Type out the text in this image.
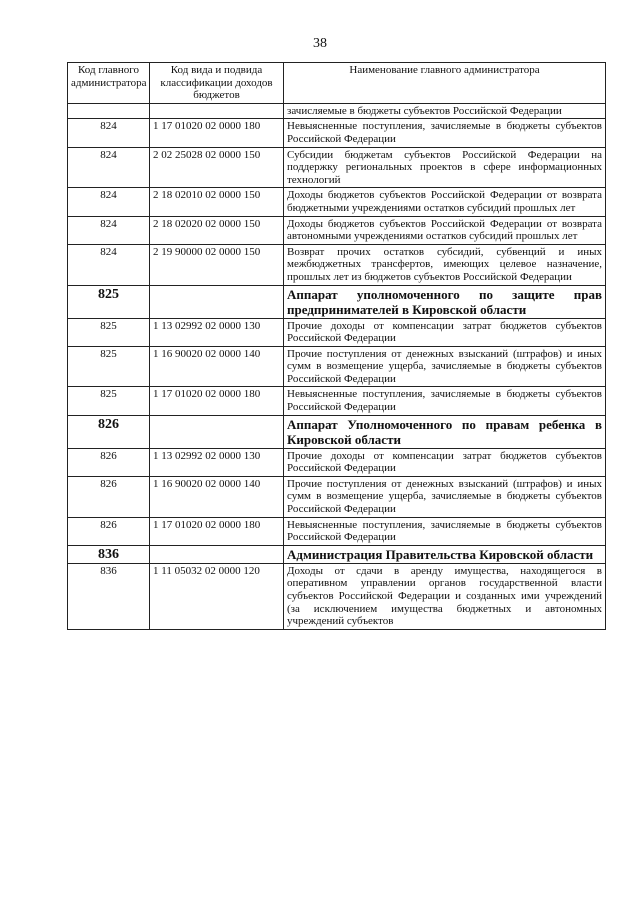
38
Код главного администратора	Код вида и подвида классификации доходов бюджетов	Наименование главного администратора
		зачисляемые в бюджеты субъектов Российской Федерации
824	1 17 01020 02 0000 180	Невыясненные поступления, зачисляемые в бюджеты субъектов Российской Федерации
824	2 02 25028 02 0000 150	Субсидии бюджетам субъектов Российской Федерации на поддержку региональных проектов в сфере информационных технологий
824	2 18 02010 02 0000 150	Доходы бюджетов субъектов Российской Федерации от возврата бюджетными учреждениями остатков субсидий прошлых лет
824	2 18 02020 02 0000 150	Доходы бюджетов субъектов Российской Федерации от возврата автономными учреждениями остатков субсидий прошлых лет
824	2 19 90000 02 0000 150	Возврат прочих остатков субсидий, субвенций и иных межбюджетных трансфертов, имеющих целевое назначение, прошлых лет из бюджетов субъектов Российской Федерации
825		Аппарат уполномоченного по защите прав предпринимателей в Кировской области
825	1 13 02992 02 0000 130	Прочие доходы от компенсации затрат бюджетов субъектов Российской Федерации
825	1 16 90020 02 0000 140	Прочие поступления от денежных взысканий (штрафов) и иных сумм в возмещение ущерба, зачисляемые в бюджеты субъектов Российской Федерации
825	1 17 01020 02 0000 180	Невыясненные поступления, зачисляемые в бюджеты субъектов Российской Федерации
826		Аппарат Уполномоченного по правам ребенка в Кировской области
826	1 13 02992 02 0000 130	Прочие доходы от компенсации затрат бюджетов субъектов Российской Федерации
826	1 16 90020 02 0000 140	Прочие поступления от денежных взысканий (штрафов) и иных сумм в возмещение ущерба, зачисляемые в бюджеты субъектов Российской Федерации
826	1 17 01020 02 0000 180	Невыясненные поступления, зачисляемые в бюджеты субъектов Российской Федерации
836		Администрация Правительства Кировской области
836	1 11 05032 02 0000 120	Доходы от сдачи в аренду имущества, находящегося в оперативном управлении органов государственной власти субъектов Российской Федерации и созданных ими учреждений (за исключением имущества бюджетных и автономных учреждений субъектов
